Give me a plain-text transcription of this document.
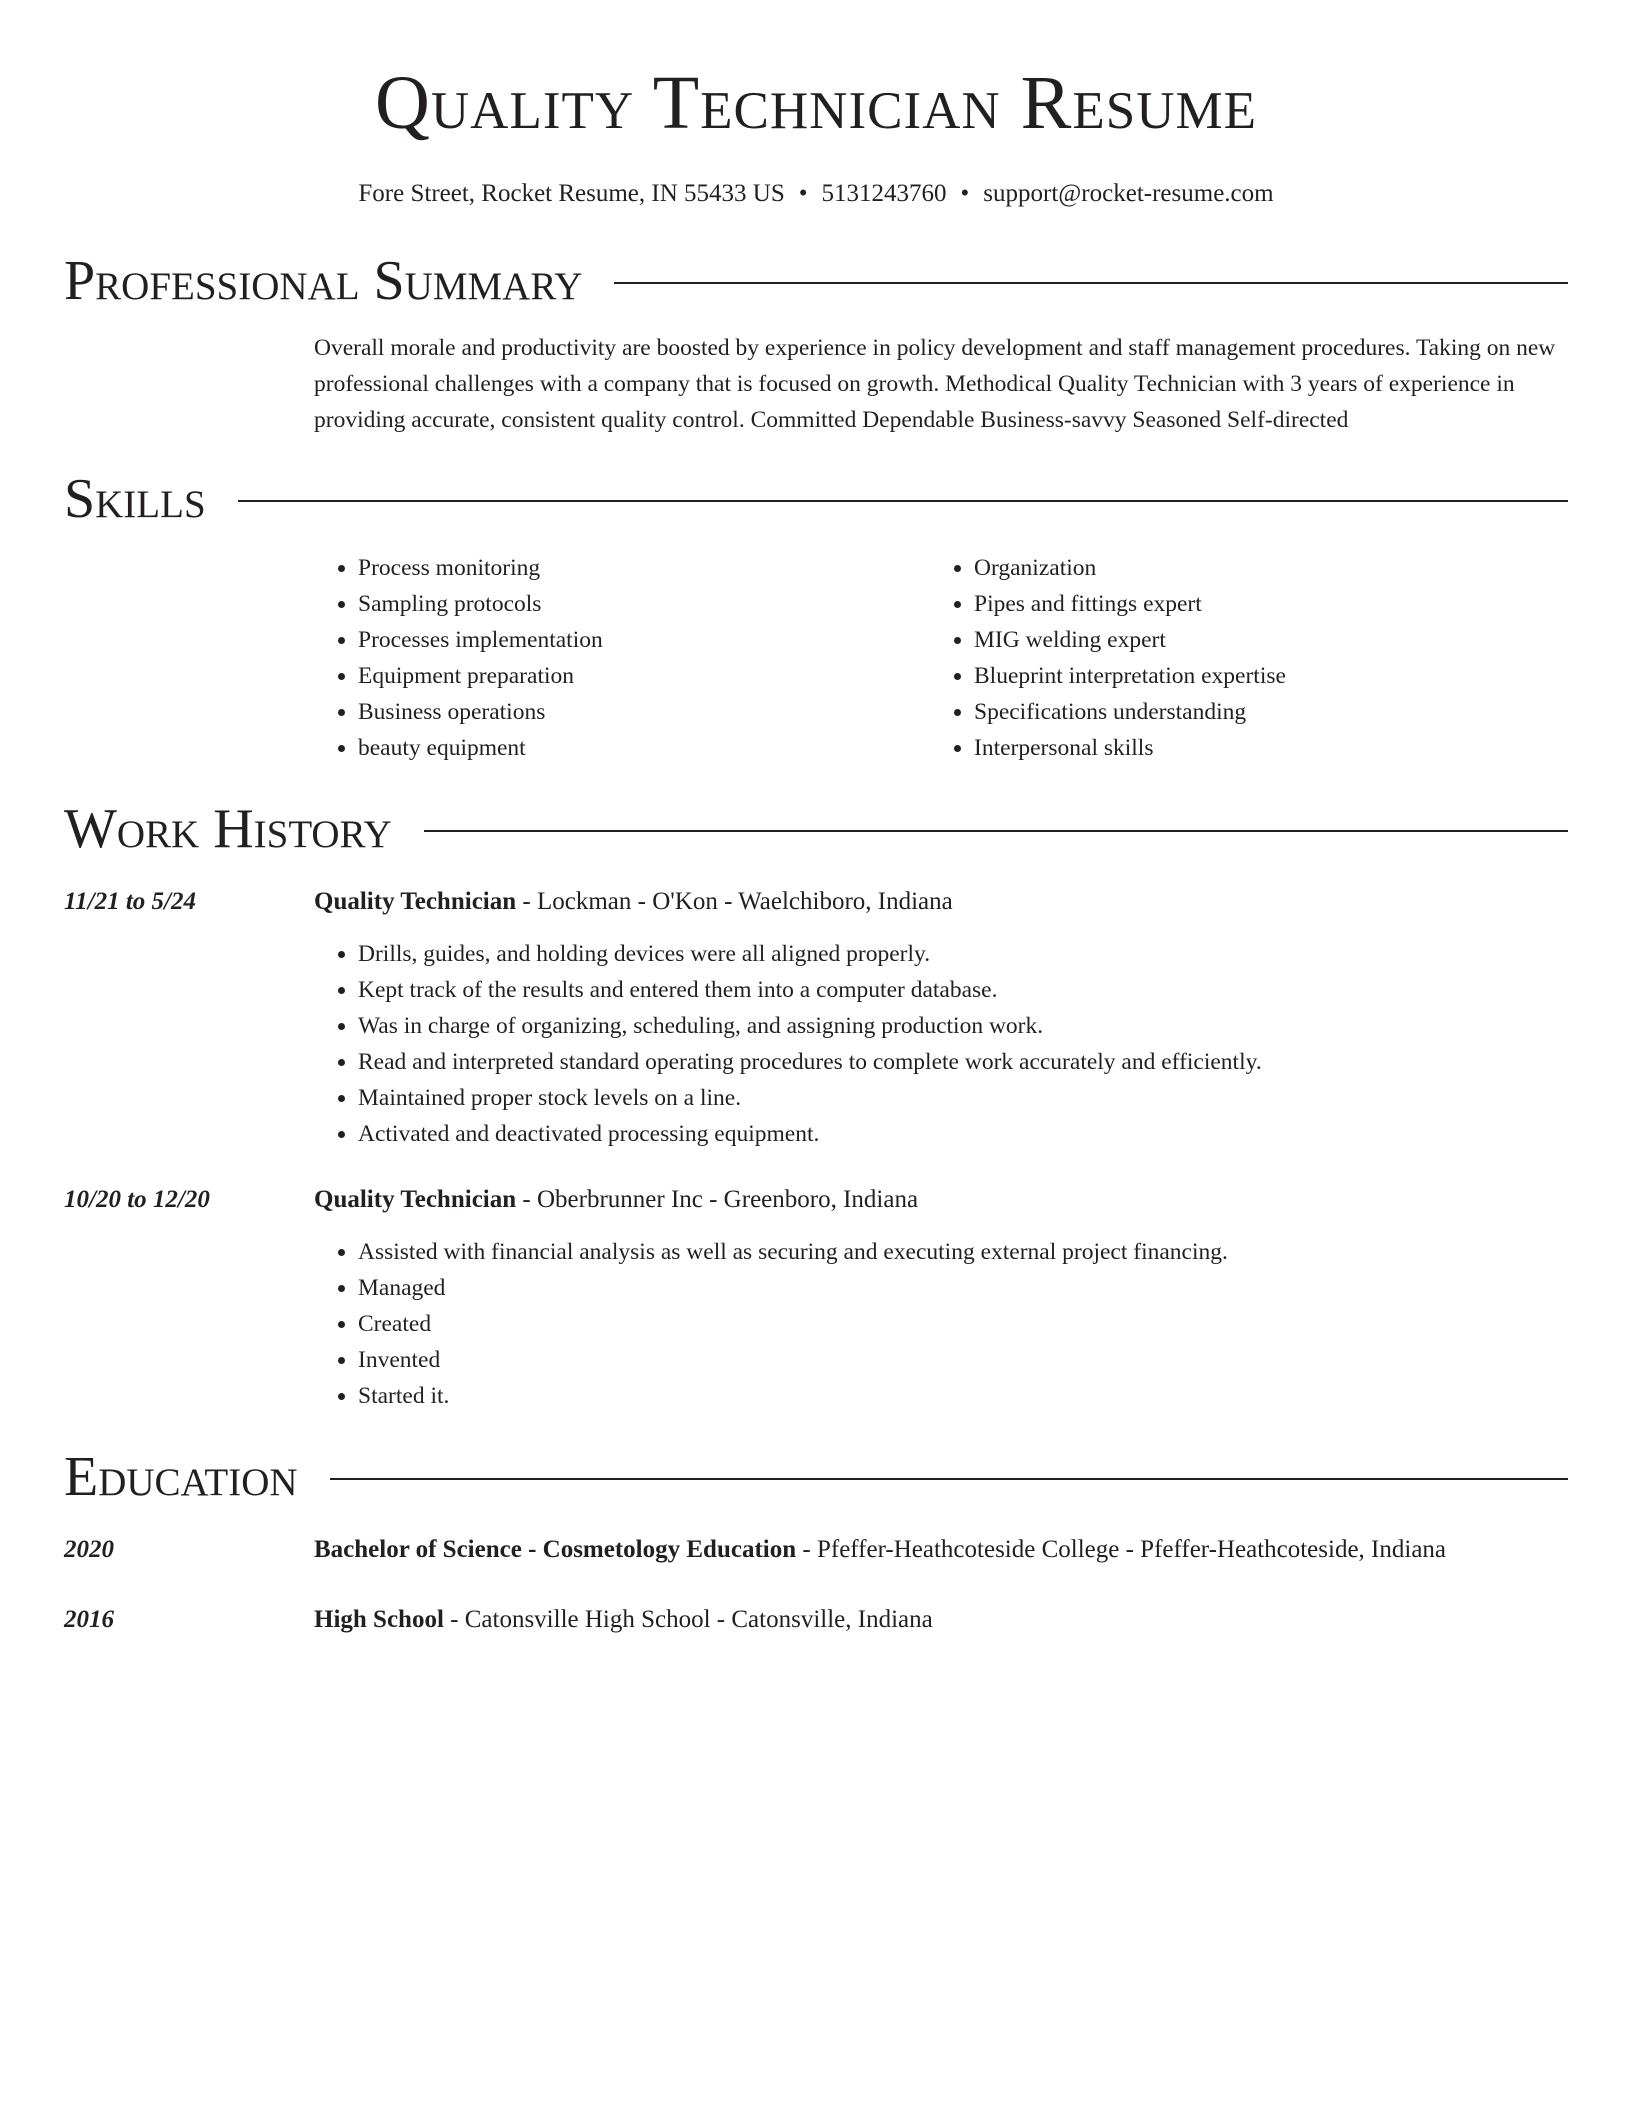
Quality Technician Resume
Fore Street, Rocket Resume, IN 55433 US • 5131243760 • support@rocket-resume.com
Professional Summary
Overall morale and productivity are boosted by experience in policy development and staff management procedures. Taking on new professional challenges with a company that is focused on growth. Methodical Quality Technician with 3 years of experience in providing accurate, consistent quality control. Committed Dependable Business-savvy Seasoned Self-directed
Skills
• Process monitoring
• Sampling protocols
• Processes implementation
• Equipment preparation
• Business operations
• beauty equipment
• Organization
• Pipes and fittings expert
• MIG welding expert
• Blueprint interpretation expertise
• Specifications understanding
• Interpersonal skills
Work History
11/21 to 5/24	Quality Technician - Lockman - O'Kon - Waelchiboro, Indiana
• Drills, guides, and holding devices were all aligned properly.
• Kept track of the results and entered them into a computer database.
• Was in charge of organizing, scheduling, and assigning production work.
• Read and interpreted standard operating procedures to complete work accurately and efficiently.
• Maintained proper stock levels on a line.
• Activated and deactivated processing equipment.
10/20 to 12/20	Quality Technician - Oberbrunner Inc - Greenboro, Indiana
• Assisted with financial analysis as well as securing and executing external project financing.
• Managed
• Created
• Invented
• Started it.
Education
2020	Bachelor of Science - Cosmetology Education - Pfeffer-Heathcoteside College - Pfeffer-Heathcoteside, Indiana
2016	High School - Catonsville High School - Catonsville, Indiana
